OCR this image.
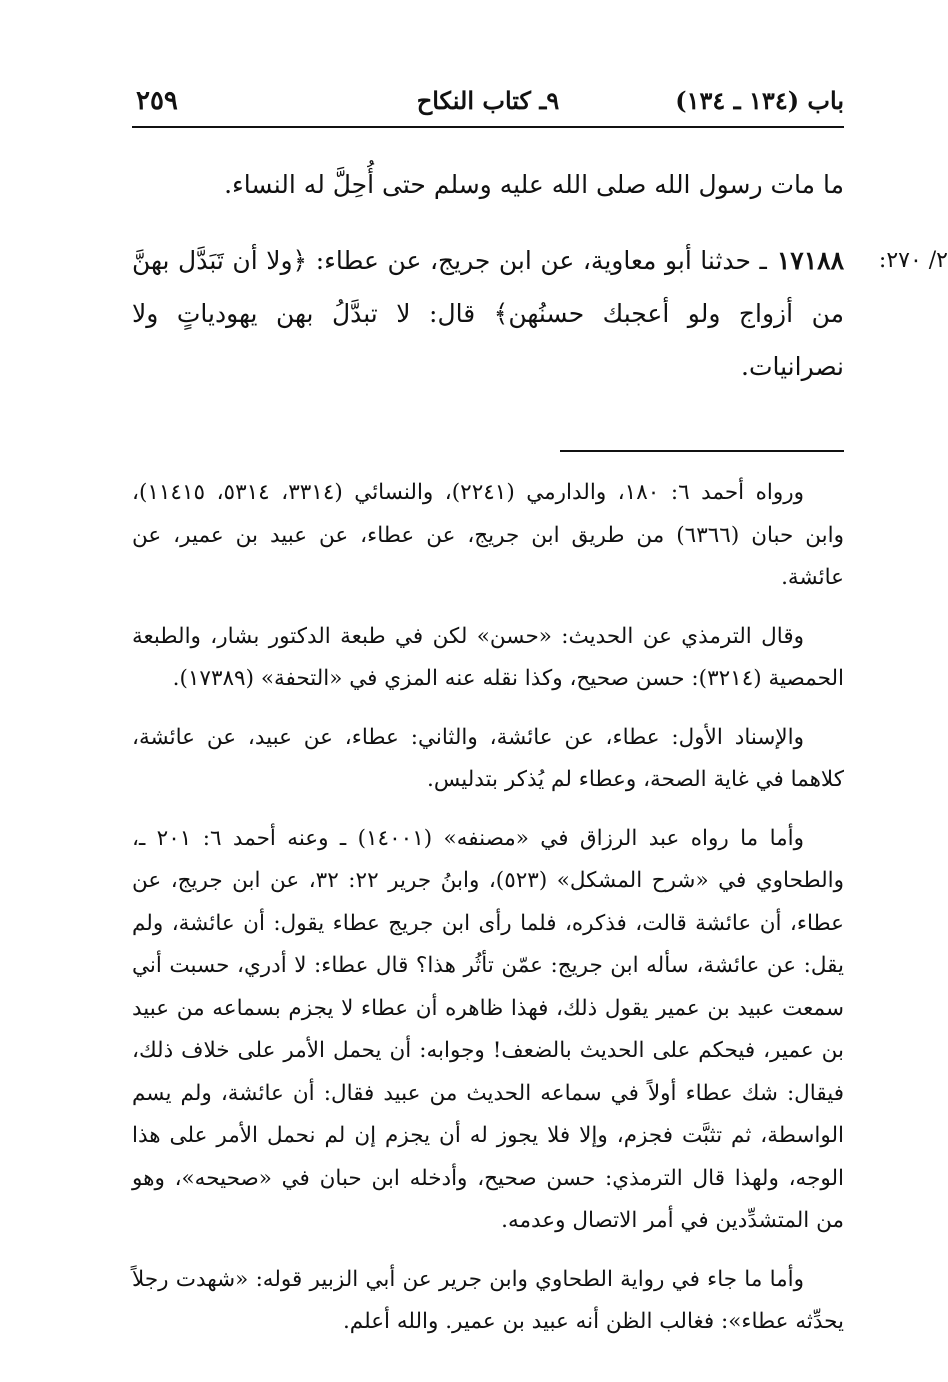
باب (١٣٤ ـ ١٣٤)
٩ـ كتاب النكاح
٢٥٩
ما مات رسول الله صلى الله عليه وسلم حتى أُحِلَّ له النساء.
١٧١٨٨ـ حدثنا أبو معاوية، عن ابن جريج، عن عطاء: ﴿ولا أن تَبَدَّل بهنَّ من أزواج ولو أعجبك حسنُهن﴾ قال: لا تبدَّلُ بهن يهودياتٍ ولا نصرانيات.
٢/ ٢٧٠:

ورواه أحمد ٦: ١٨٠، والدارمي (٢٢٤١)، والنسائي (٣٣١٤، ٥٣١٤، ١١٤١٥)، وابن حبان (٦٣٦٦) من طريق ابن جريج، عن عطاء، عن عبيد بن عمير، عن عائشة.

وقال الترمذي عن الحديث: «حسن» لكن في طبعة الدكتور بشار، والطبعة الحمصية (٣٢١٤): حسن صحيح، وكذا نقله عنه المزي في «التحفة» (١٧٣٨٩).

والإسناد الأول: عطاء، عن عائشة، والثاني: عطاء، عن عبيد، عن عائشة، كلاهما في غاية الصحة، وعطاء لم يُذكر بتدليس.

وأما ما رواه عبد الرزاق في «مصنفه» (١٤٠٠١) ـ وعنه أحمد ٦: ٢٠١ ـ، والطحاوي في «شرح المشكل» (٥٢٣)، وابنُ جرير ٢٢: ٣٢، عن ابن جريج، عن عطاء، أن عائشة قالت، فذكره، فلما رأى ابن جريج عطاء يقول: أن عائشة، ولم يقل: عن عائشة، سأله ابن جريج: عمّن تأثُر هذا؟ قال عطاء: لا أدري، حسبت أني سمعت عبيد بن عمير يقول ذلك، فهذا ظاهره أن عطاء لا يجزم بسماعه من عبيد بن عمير، فيحكم على الحديث بالضعف! وجوابه: أن يحمل الأمر على خلاف ذلك، فيقال: شك عطاء أولاً في سماعه الحديث من عبيد فقال: أن عائشة، ولم يسم الواسطة، ثم تثبَّت فجزم، وإلا فلا يجوز له أن يجزم إن لم نحمل الأمر على هذا الوجه، ولهذا قال الترمذي: حسن صحيح، وأدخله ابن حبان في «صحيحه»، وهو من المتشدِّدين في أمر الاتصال وعدمه.

وأما ما جاء في رواية الطحاوي وابن جرير عن أبي الزبير قوله: «شهدت رجلاً يحدِّثه عطاء»: فغالب الظن أنه عبيد بن عمير. والله أعلم.
